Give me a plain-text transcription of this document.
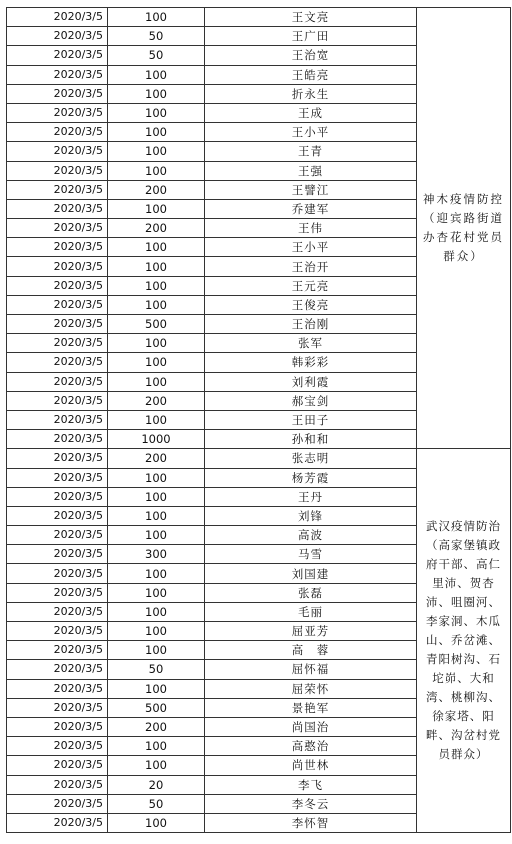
2020/3/5	100	王文亮	神木疫情防控（迎宾路街道办杏花村党员群众）
2020/3/5	50	王广田	
2020/3/5	50	王治宽	
2020/3/5	100	王皓亮	
2020/3/5	100	折永生	
2020/3/5	100	王成	
2020/3/5	100	王小平	
2020/3/5	100	王青	
2020/3/5	100	王强	
2020/3/5	200	王譬江	
2020/3/5	100	乔建军	
2020/3/5	200	王伟	
2020/3/5	100	王小平	
2020/3/5	100	王治开	
2020/3/5	100	王元亮	
2020/3/5	100	王俊亮	
2020/3/5	500	王治刚	
2020/3/5	100	张军	
2020/3/5	100	韩彩彩	
2020/3/5	100	刘利霞	
2020/3/5	200	郝宝剑	
2020/3/5	100	王田子	
2020/3/5	1000	孙和和	
2020/3/5	200	张志明	武汉疫情防治（高家堡镇政府干部、高仁里沛、贺杏沛、咀圈河、李家洞、木瓜山、乔岔滩、青阳树沟、石坨峁、大和湾、桃柳沟、徐家塔、阳畔、沟岔村党员群众）
2020/3/5	100	杨芳霞	
2020/3/5	100	王丹	
2020/3/5	100	刘锋	
2020/3/5	100	高波	
2020/3/5	300	马雪	
2020/3/5	100	刘国建	
2020/3/5	100	张磊	
2020/3/5	100	毛丽	
2020/3/5	100	屈亚芳	
2020/3/5	100	高　蓉	
2020/3/5	50	屈怀福	
2020/3/5	100	屈荣怀	
2020/3/5	500	景艳军	
2020/3/5	200	尚国治	
2020/3/5	100	高憨治	
2020/3/5	100	尚世林	
2020/3/5	20	李飞	
2020/3/5	50	李冬云	
2020/3/5	100	李怀智	
